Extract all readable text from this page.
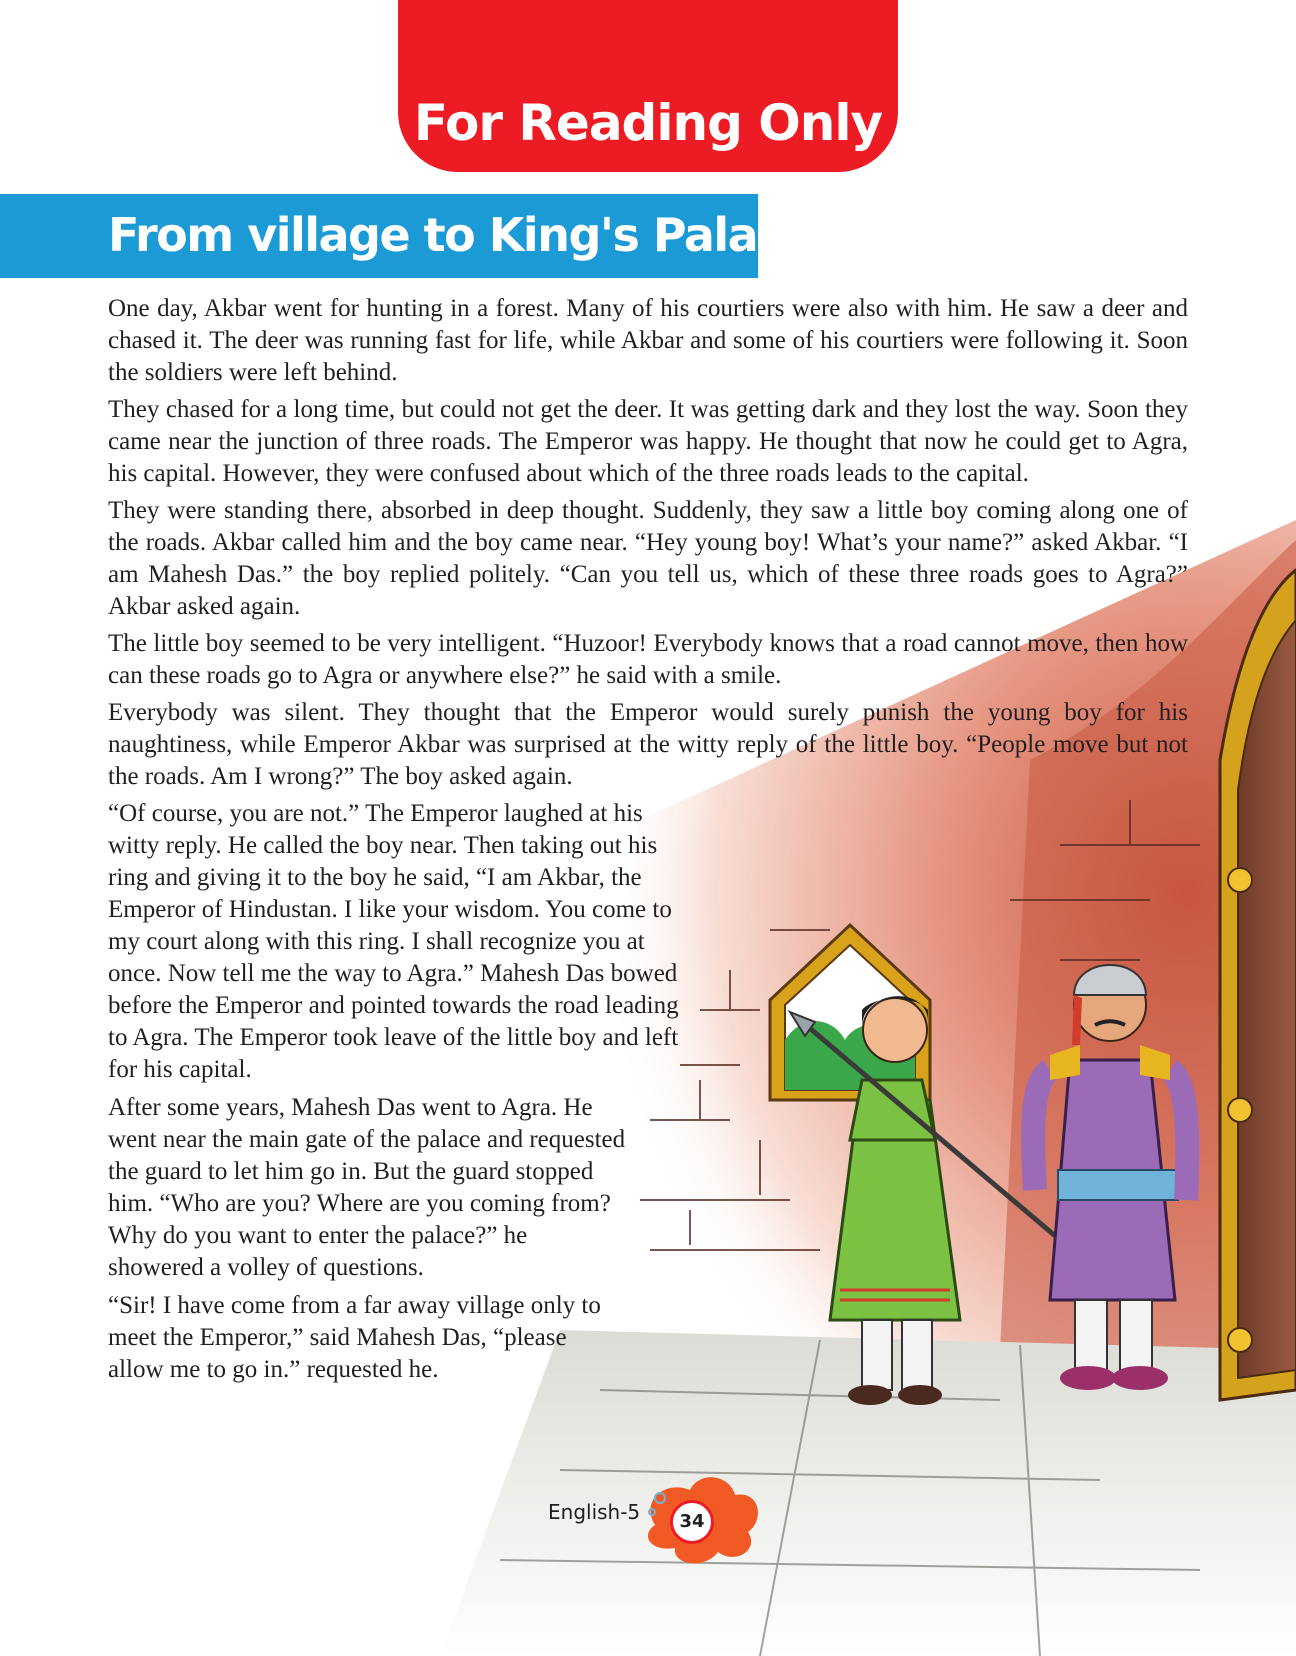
For Reading Only
From village to King's Palace

One day, Akbar went for hunting in a forest. Many of his courtiers were also with him. He saw a deer and chased it. The deer was running fast for life, while Akbar and some of his courtiers were following it. Soon the soldiers were left behind.

They chased for a long time, but could not get the deer. It was getting dark and they lost the way. Soon they came near the junction of three roads. The Emperor was happy. He thought that now he could get to Agra, his capital. However, they were confused about which of the three roads leads to the capital.

They were standing there, absorbed in deep thought. Suddenly, they saw a little boy coming along one of the roads. Akbar called him and the boy came near. “Hey young boy! What’s your name?” asked Akbar. “I am Mahesh Das.” the boy replied politely. “Can you tell us, which of these three roads goes to Agra?” Akbar asked again.

The little boy seemed to be very intelligent. “Huzoor! Everybody knows that a road cannot move, then how can these roads go to Agra or anywhere else?” he said with a smile.

Everybody was silent. They thought that the Emperor would surely punish the young boy for his naughtiness, while Emperor Akbar was surprised at the witty reply of the little boy. “People move but not the roads. Am I wrong?” The boy asked again.

“Of course, you are not.” The Emperor laughed at his witty reply. He called the boy near. Then taking out his ring and giving it to the boy he said, “I am Akbar, the Emperor of Hindustan. I like your wisdom. You come to my court along with this ring. I shall recognize you at once. Now tell me the way to Agra.” Mahesh Das bowed before the Emperor and pointed towards the road leading to Agra. The Emperor took leave of the little boy and left for his capital.

After some years, Mahesh Das went to Agra. He went near the main gate of the palace and requested the guard to let him go in. But the guard stopped him. “Who are you? Where are you coming from? Why do you want to enter the palace?” he showered a volley of questions.

“Sir! I have come from a far away village only to meet the Emperor,” said Mahesh Das, “please allow me to go in.” requested he.

English-5	34
